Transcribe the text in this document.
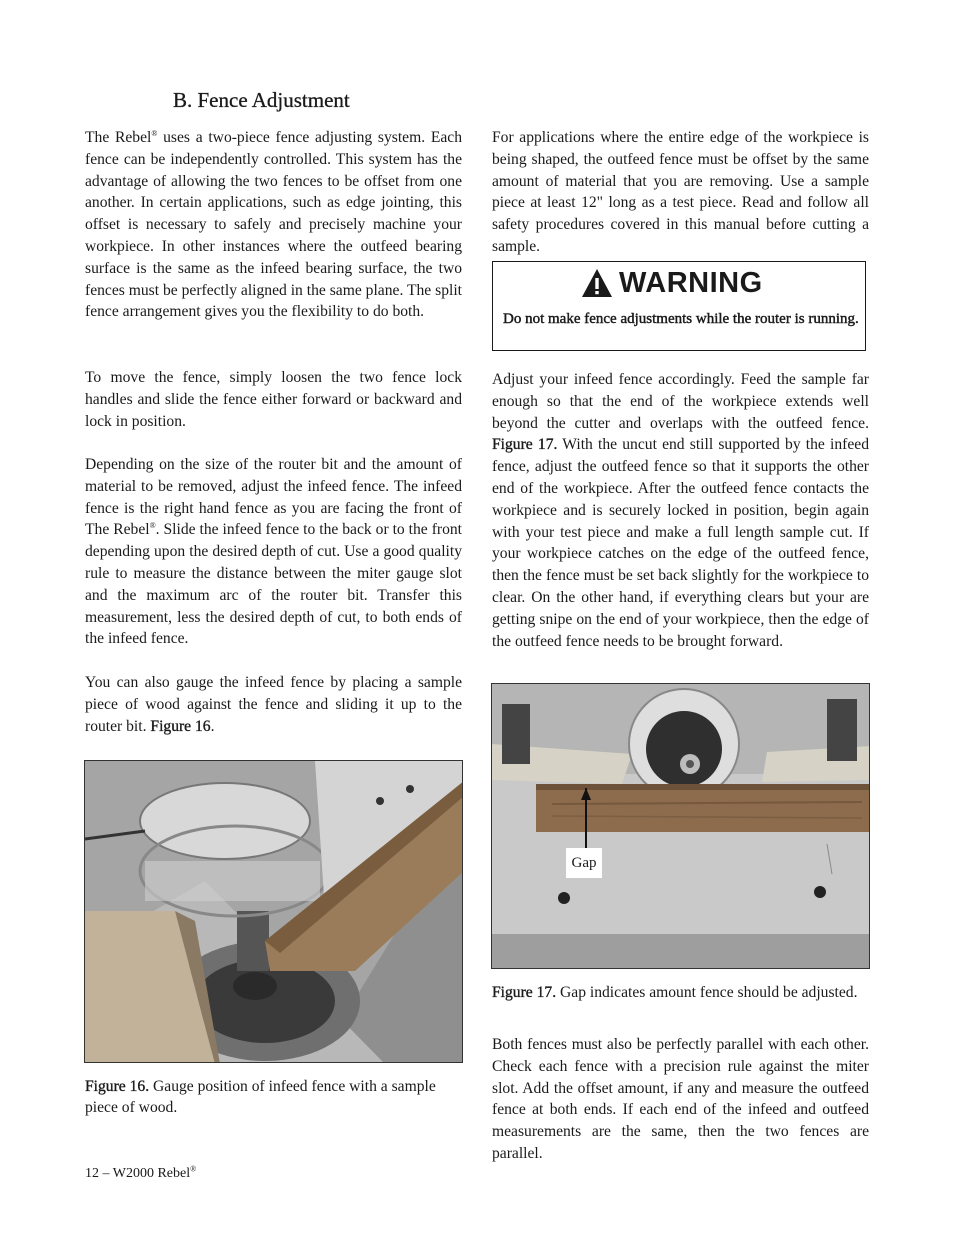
B. Fence Adjustment

The Rebel® uses a two-piece fence adjusting system. Each fence can be independently controlled. This system has the advantage of allowing the two fences to be offset from one another. In certain applications, such as edge jointing, this offset is necessary to safely and precisely machine your workpiece. In other instances where the outfeed bearing surface is the same as the infeed bearing surface, the two fences must be perfectly aligned in the same plane. The split fence arrangement gives you the flexibility to do both.

To move the fence, simply loosen the two fence lock handles and slide the fence either forward or backward and lock in position.

Depending on the size of the router bit and the amount of material to be removed, adjust the infeed fence. The infeed fence is the right hand fence as you are facing the front of The Rebel®. Slide the infeed fence to the back or to the front depending upon the desired depth of cut. Use a good quality rule to measure the distance between the miter gauge slot and the maximum arc of the router bit. Transfer this measurement, less the desired depth of cut, to both ends of the infeed fence.

You can also gauge the infeed fence by placing a sample piece of wood against the fence and sliding it up to the router bit. Figure 16.

Figure 16. Gauge position of infeed fence with a sample piece of wood.

For applications where the entire edge of the workpiece is being shaped, the outfeed fence must be offset by the same amount of material that you are removing. Use a sample piece at least 12" long as a test piece. Read and follow all safety procedures covered in this manual before cutting a sample.

WARNING
Do not make fence adjustments while the router is running.

Adjust your infeed fence accordingly. Feed the sample far enough so that the end of the workpiece extends well beyond the cutter and overlaps with the outfeed fence. Figure 17. With the uncut end still supported by the infeed fence, adjust the outfeed fence so that it supports the other end of the workpiece. After the outfeed fence contacts the workpiece and is securely locked in position, begin again with your test piece and make a full length sample cut. If your workpiece catches on the edge of the outfeed fence, then the fence must be set back slightly for the workpiece to clear. On the other hand, if everything clears but your are getting snipe on the end of your workpiece, then the edge of the outfeed fence needs to be brought forward.

Gap

Figure 17. Gap indicates amount fence should be adjusted.

Both fences must also be perfectly parallel with each other. Check each fence with a precision rule against the miter slot. Add the offset amount, if any and measure the outfeed fence at both ends. If each end of the infeed and outfeed measurements are the same, then the two fences are parallel.

12 – W2000 Rebel®
